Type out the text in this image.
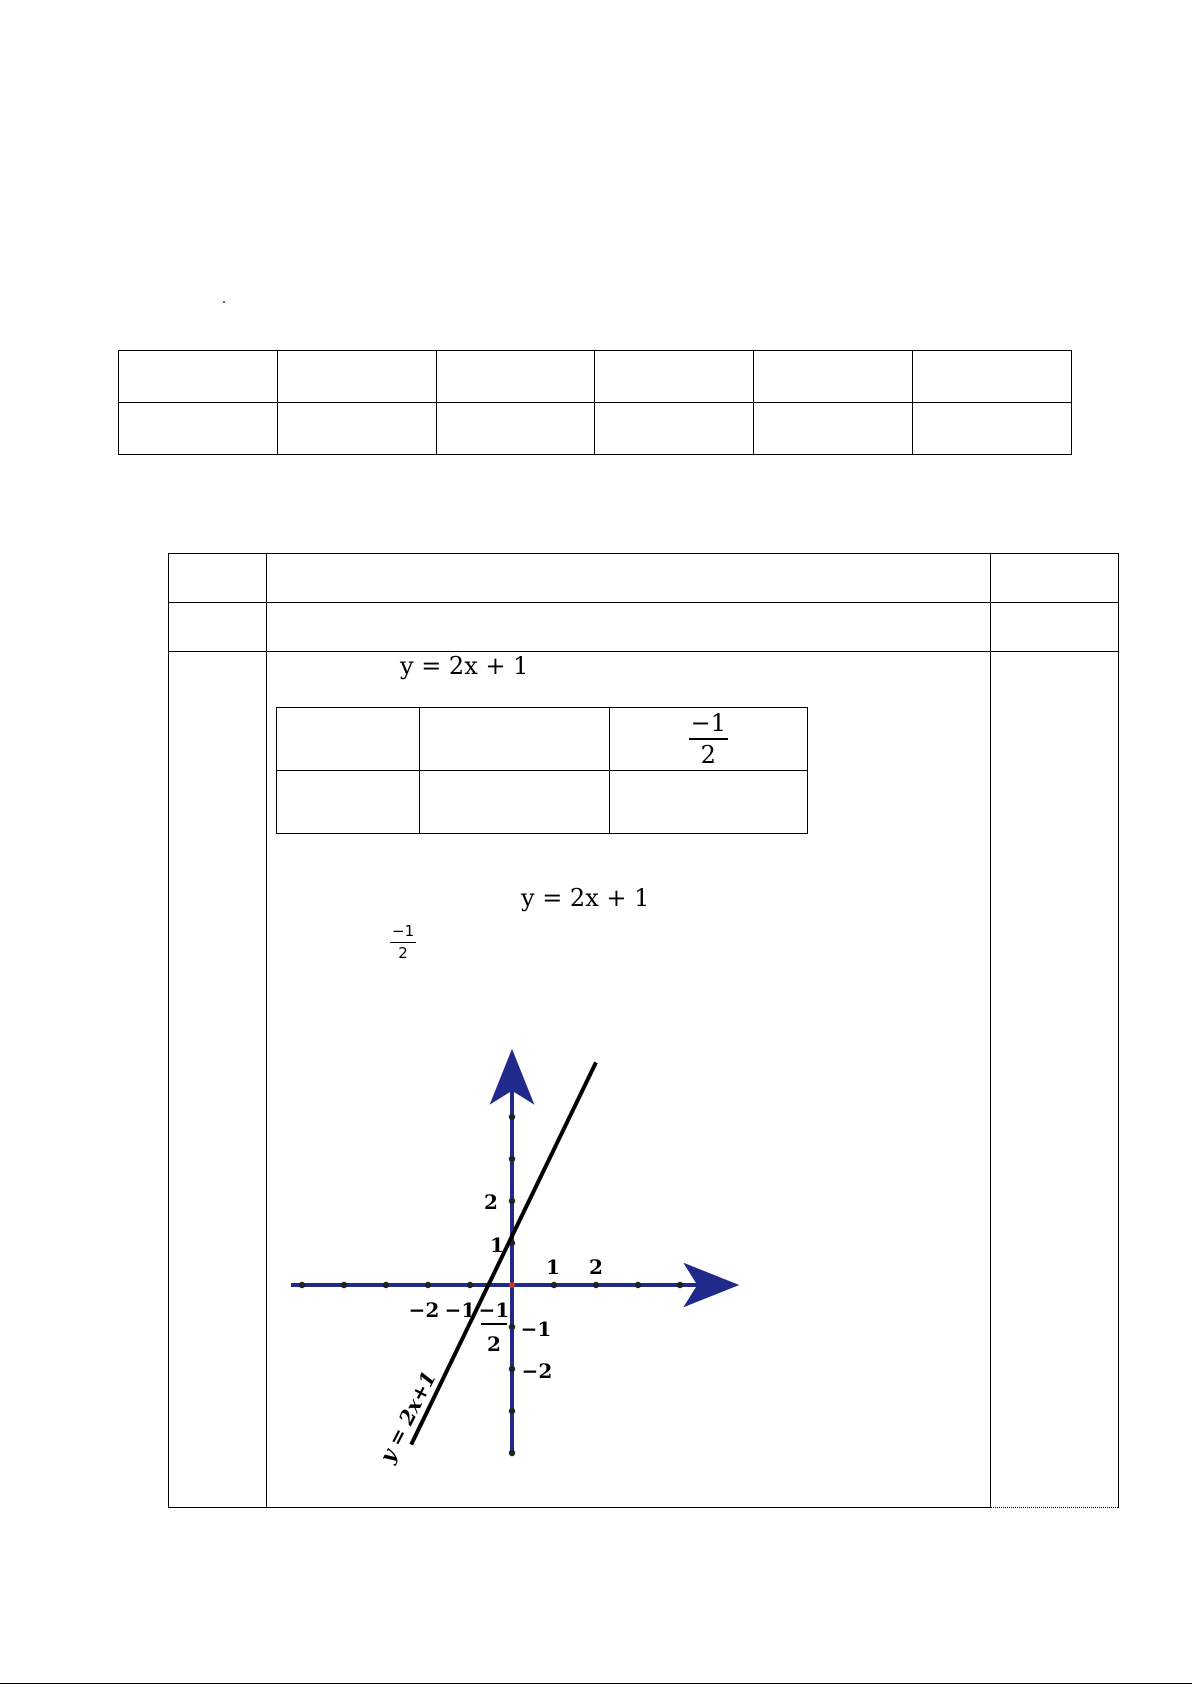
y = 2x + 1

		$\frac{-1}{2}$

y = 2x + 1
$\frac{-1}{2}$
−2 −1
1 2
2
1
−1
−2
−1
2
y = 2x+1
